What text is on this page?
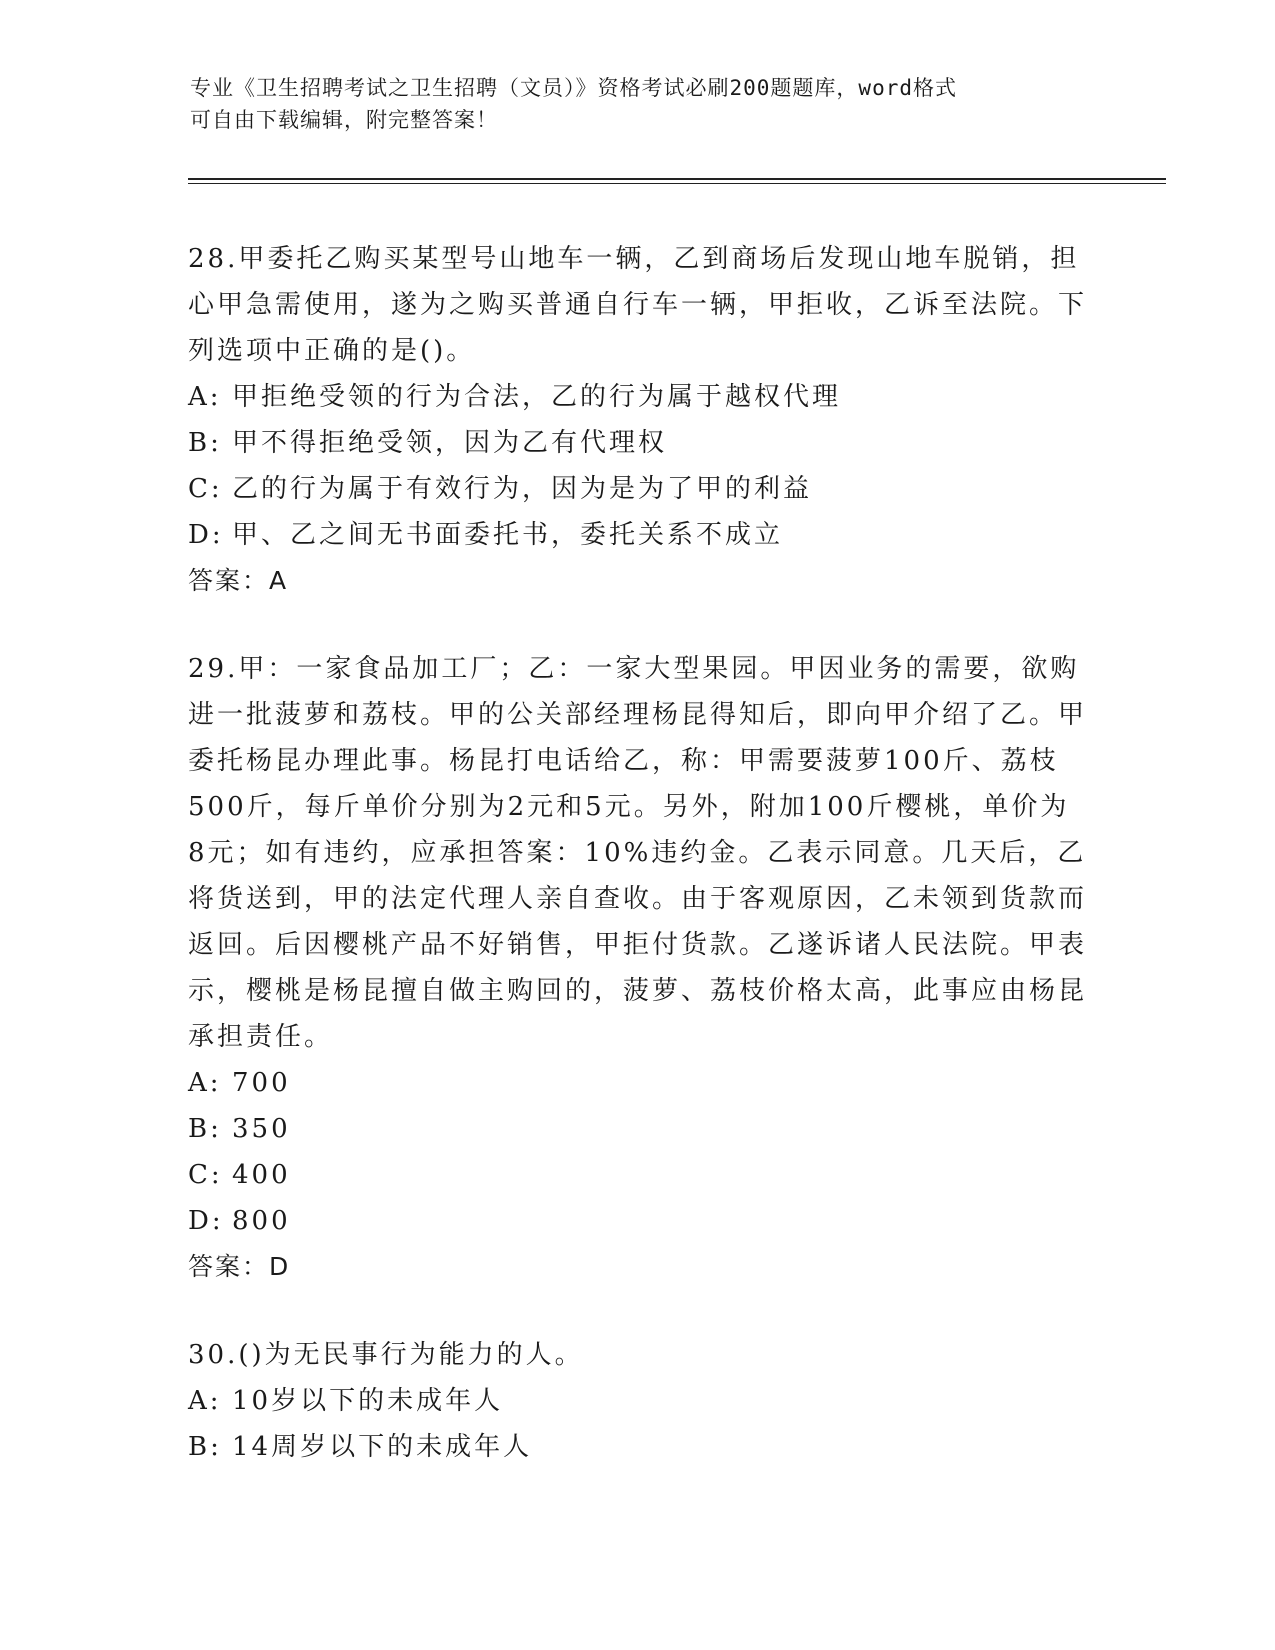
专业《卫生招聘考试之卫生招聘（文员）》资格考试必刷200题题库，word格式
可自由下载编辑，附完整答案！
28.甲委托乙购买某型号山地车一辆，乙到商场后发现山地车脱销，担心甲急需使用，遂为之购买普通自行车一辆，甲拒收，乙诉至法院。下列选项中正确的是()。
A: 甲拒绝受领的行为合法，乙的行为属于越权代理
B: 甲不得拒绝受领，因为乙有代理权
C: 乙的行为属于有效行为，因为是为了甲的利益
D: 甲、乙之间无书面委托书，委托关系不成立
答案：A
29.甲：一家食品加工厂；乙：一家大型果园。甲因业务的需要，欲购进一批菠萝和荔枝。甲的公关部经理杨昆得知后，即向甲介绍了乙。甲委托杨昆办理此事。杨昆打电话给乙，称：甲需要菠萝100斤、荔枝500斤，每斤单价分别为2元和5元。另外，附加100斤樱桃，单价为8元；如有违约，应承担答案：10%违约金。乙表示同意。几天后，乙将货送到，甲的法定代理人亲自查收。由于客观原因，乙未领到货款而返回。后因樱桃产品不好销售，甲拒付货款。乙遂诉诸人民法院。甲表示，樱桃是杨昆擅自做主购回的，菠萝、荔枝价格太高，此事应由杨昆承担责任。
A: 700
B: 350
C: 400
D: 800
答案：D
30.()为无民事行为能力的人。
A: 10岁以下的未成年人
B: 14周岁以下的未成年人
